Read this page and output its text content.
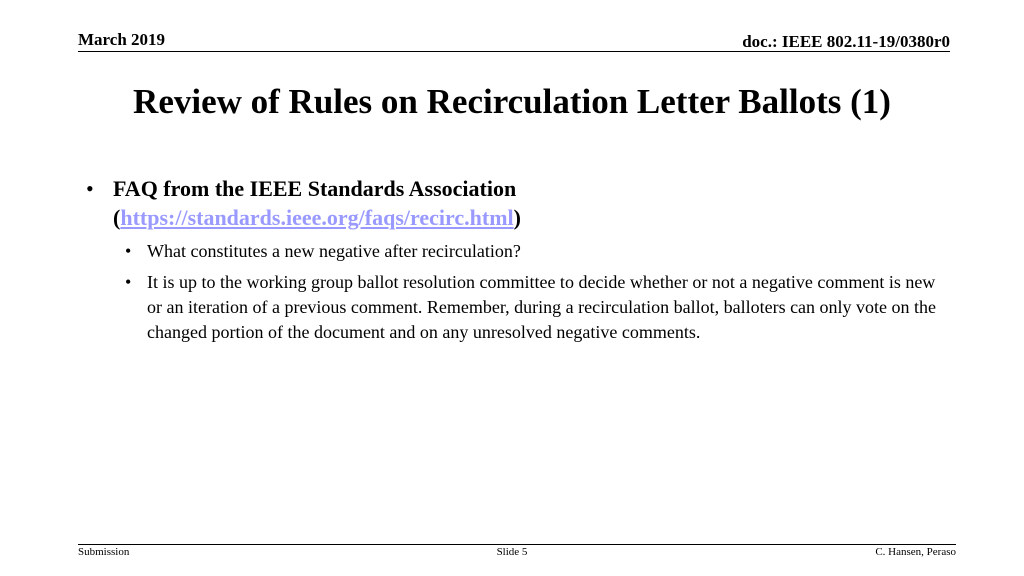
March 2019	doc.: IEEE 802.11-19/0380r0
Review of Rules on Recirculation Letter Ballots (1)
• FAQ from the IEEE Standards Association
(https://standards.ieee.org/faqs/recirc.html)
• What constitutes a new negative after recirculation?
• It is up to the working group ballot resolution committee to decide whether or not a negative comment is new or an iteration of a previous comment. Remember, during a recirculation ballot, balloters can only vote on the changed portion of the document and on any unresolved negative comments.
Submission	Slide 5	C. Hansen, Peraso
